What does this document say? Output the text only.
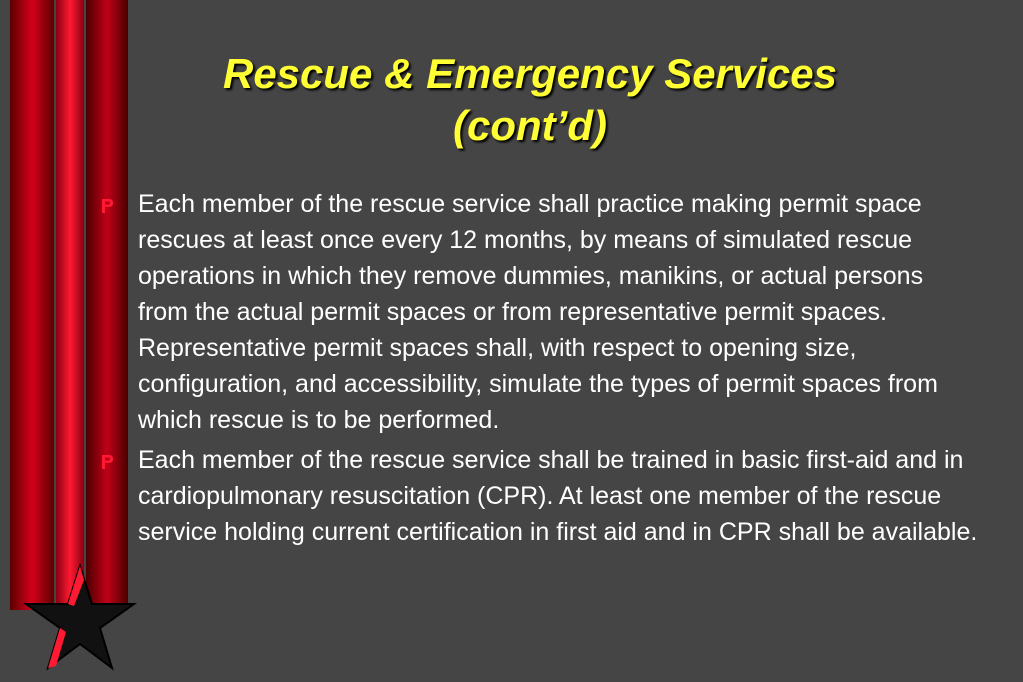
Rescue & Emergency Services (cont’d)
Each member of the rescue service shall practice making permit space rescues at least once every 12 months, by means of simulated rescue operations in which they remove dummies, manikins, or actual persons from the actual permit spaces or from representative permit spaces. Representative permit spaces shall, with respect to opening size, configuration, and accessibility, simulate the types of permit spaces from which rescue is to be performed.
Each member of the rescue service shall be trained in basic first-aid and in cardiopulmonary resuscitation (CPR). At least one member of the rescue service holding current certification in first aid and in CPR shall be available.
